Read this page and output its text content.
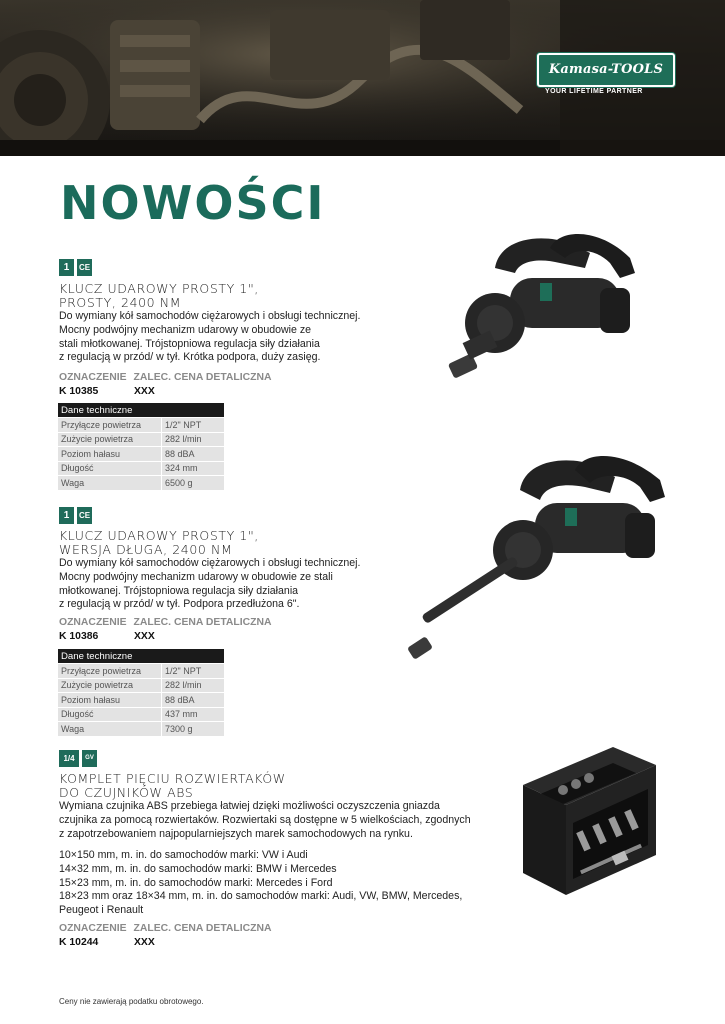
Kamasa-TOOLS
YOUR LIFETIME PARTNER
NOWOŚCI
1	CE
KLUCZ UDAROWY PROSTY 1",
PROSTY, 2400 NM
Do wymiany kół samochodów ciężarowych i obsługi technicznej.
Mocny podwójny mechanizm udarowy w obudowie ze
stali młotkowanej. Trójstopniowa regulacja siły działania
z regulacją w przód/ w tył. Krótka podpora, duży zasięg.
OZNACZENIE ZALEC. CENA DETALICZNA
K 10385	XXX
Dane techniczne	
Przyłącze powietrza	1/2" NPT
Zużycie powietrza	282 l/min
Poziom hałasu	88 dBA
Długość	324 mm
Waga	6500 g
1	CE
KLUCZ UDAROWY PROSTY 1",
WERSJA DŁUGA, 2400 NM
Do wymiany kół samochodów ciężarowych i obsługi technicznej.
Mocny podwójny mechanizm udarowy w obudowie ze stali
młotkowanej. Trójstopniowa regulacja siły działania
z regulacją w przód/ w tył. Podpora przedłużona 6".
OZNACZENIE ZALEC. CENA DETALICZNA
K 10386	XXX
Dane techniczne	
Przyłącze powietrza	1/2" NPT
Zużycie powietrza	282 l/min
Poziom hałasu	88 dBA
Długość	437 mm
Waga	7300 g
1/4	GV
KOMPLET PIĘCIU ROZWIERTAKÓW
DO CZUJNIKÓW ABS
Wymiana czujnika ABS przebiega łatwiej dzięki możliwości oczyszczenia gniazda
czujnika za pomocą rozwiertaków. Rozwiertaki są dostępne w 5 wielkościach, zgodnych
z zapotrzebowaniem najpopularniejszych marek samochodowych na rynku.
10×150 mm, m. in. do samochodów marki: VW i Audi
14×32 mm, m. in. do samochodów marki: BMW i Mercedes
15×23 mm, m. in. do samochodów marki: Mercedes i Ford
18×23 mm oraz 18×34 mm, m. in. do samochodów marki: Audi, VW, BMW, Mercedes,
Peugeot i Renault
OZNACZENIE ZALEC. CENA DETALICZNA
K 10244	XXX
Ceny nie zawierają podatku obrotowego.
